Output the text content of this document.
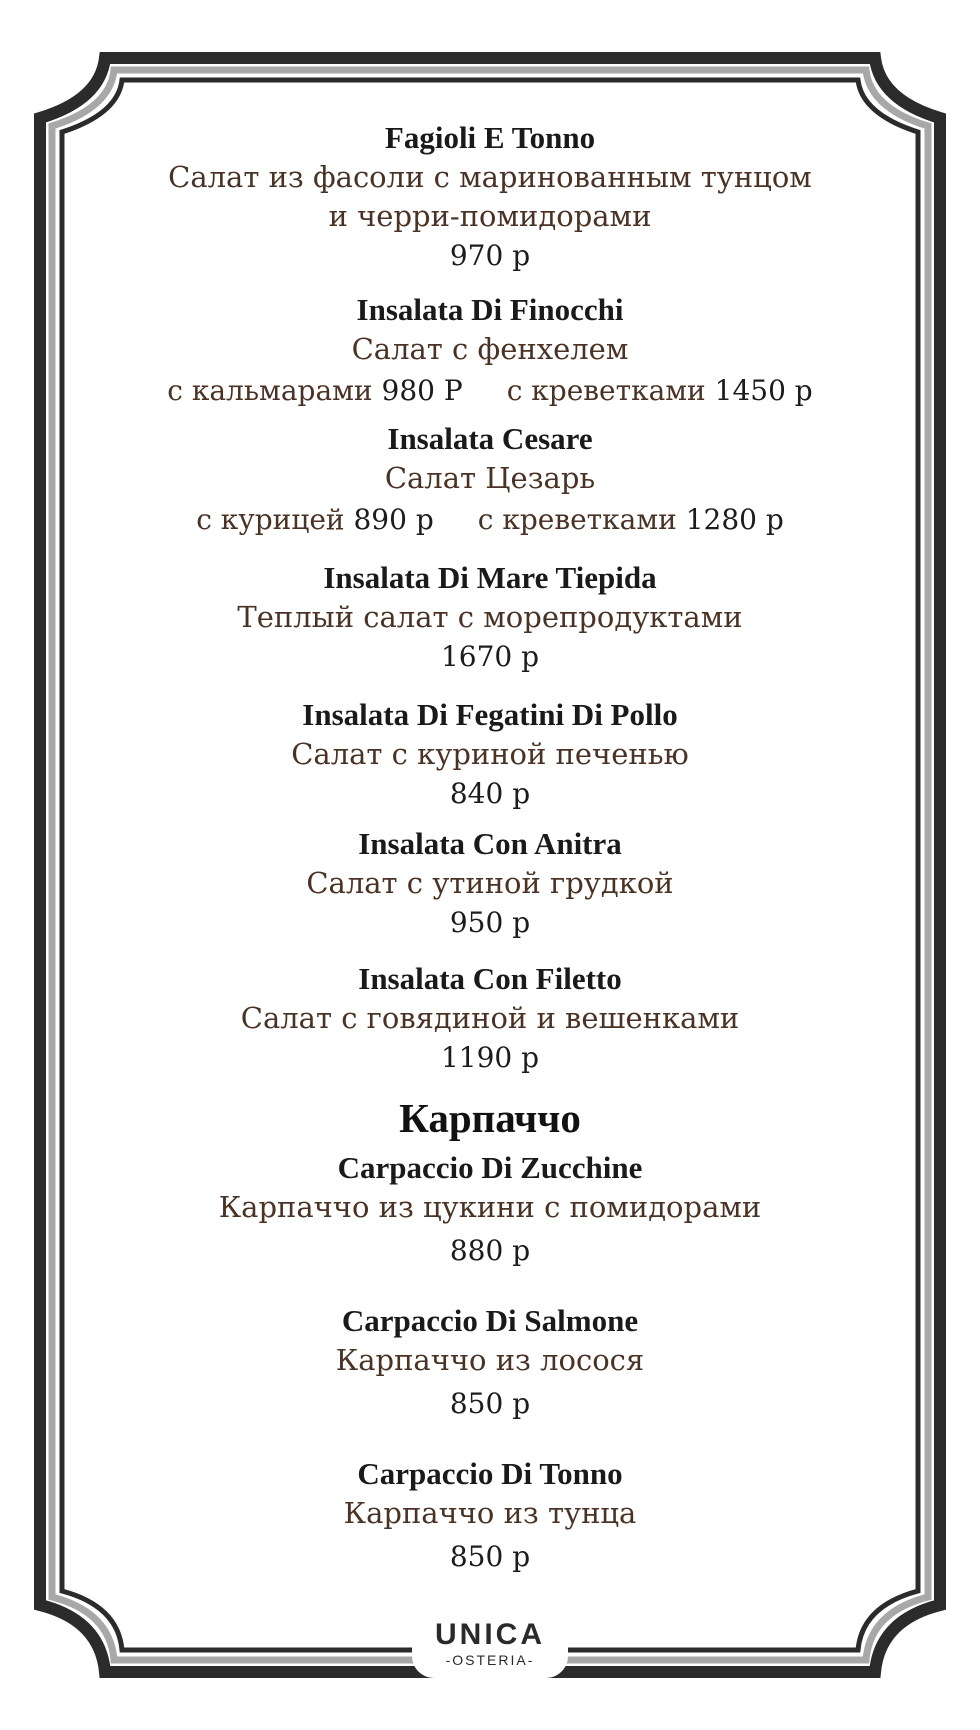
Fagioli E Tonno
Салат из фасоли с маринованным тунцом
и черри-помидорами
970 р
Insalata Di Finocchi
Салат с фенхелем
с кальмарами 980 Р с креветками 1450 р
Insalata Cesare
Салат Цезарь
с курицей 890 р с креветками 1280 р
Insalata Di Mare Tiepida
Теплый салат с морепродуктами
1670 р
Insalata Di Fegatini Di Pollo
Салат с куриной печенью
840 р
Insalata Con Anitra
Салат с утиной грудкой
950 р
Insalata Con Filetto
Салат с говядиной и вешенками
1190 р
Карпаччо
Carpaccio Di Zucchine
Карпаччо из цукини с помидорами
880 р
Carpaccio Di Salmone
Карпаччо из лосося
850 р
Carpaccio Di Tonno
Карпаччо из тунца
850 р
UNICA
-OSTERIA-
